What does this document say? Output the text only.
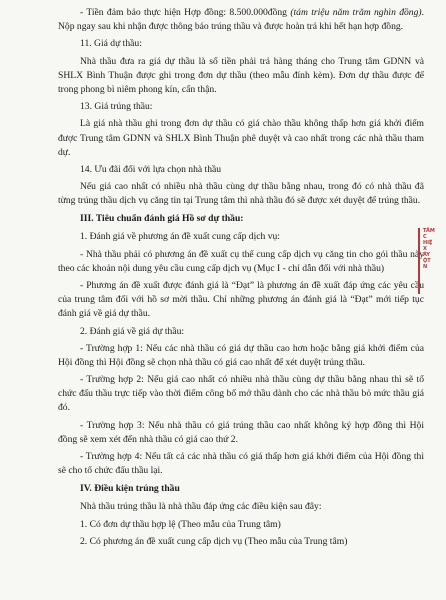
- Tiền đảm bảo thực hiện Hợp đồng: 8.500.000đồng (tám triệu năm trăm nghìn đồng). Nộp ngay sau khi nhận được thông báo trúng thầu và được hoàn trả khi hết hạn hợp đồng.

11. Giá dự thầu:

Nhà thầu đưa ra giá dự thầu là số tiền phải trả hàng tháng cho Trung tâm GDNN và SHLX Bình Thuận được ghi trong đơn dự thầu (theo mẫu đính kèm). Đơn dự thầu được để trong phong bì niêm phong kín, cẩn thận.

13. Giá trúng thầu:

Là giá nhà thầu ghi trong đơn dự thầu có giá chào thầu không thấp hơn giá khởi điểm được Trung tâm GDNN và SHLX Bình Thuận phê duyệt và cao nhất trong các nhà thầu tham dự.

14. Ưu đãi đối với lựa chọn nhà thầu

Nếu giá cao nhất có nhiều nhà thầu cùng dự thầu bằng nhau, trong đó có nhà thầu đã từng trúng thầu dịch vụ căng tin tại Trung tâm thì nhà thầu đó sẽ được xét duyệt để trúng thầu.

III. Tiêu chuẩn đánh giá Hồ sơ dự thầu:

1. Đánh giá về phương án đề xuất cung cấp dịch vụ:

- Nhà thầu phải có phương án đề xuất cụ thể cung cấp dịch vụ căng tin cho gói thầu này theo các khoản nội dung yêu cầu cung cấp dịch vụ (Mục I - chỉ dẫn đối với nhà thầu)

- Phương án đề xuất được đánh giá là “Đạt” là phương án đề xuất đáp ứng các yêu cầu của trung tâm đối với hồ sơ mời thầu. Chỉ những phương án đánh giá là “Đạt” mới tiếp tục đánh giá về giá dự thầu.

2. Đánh giá về giá dự thầu:

- Trường hợp 1: Nếu các nhà thầu có giá dự thầu cao hơn hoặc bằng giá khởi điểm của Hội đồng thì Hội đồng sẽ chọn nhà thầu có giá cao nhất để xét duyệt trúng thầu.

- Trường hợp 2: Nếu giá cao nhất có nhiều nhà thầu cùng dự thầu bằng nhau thì sẽ tổ chức đấu thầu trực tiếp vào thời điểm công bố mở thầu dành cho các nhà thầu bỏ mức thầu giá đó.

- Trường hợp 3: Nếu nhà thầu có giá trúng thầu cao nhất không ký hợp đồng thì Hội đồng sẽ xem xét đến nhà thầu có giá cao thứ 2.

- Trường hợp 4: Nếu tất cả các nhà thầu có giá thấp hơn giá khởi điểm của Hội đồng thì sẽ cho tổ chức đấu thầu lại.

IV. Điều kiện trúng thầu

Nhà thầu trúng thầu là nhà thầu đáp ứng các điều kiện sau đây:

1. Có đơn dự thầu hợp lệ (Theo mẫu của Trung tâm)

2. Có phương án đề xuất cung cấp dịch vụ (Theo mẫu của Trung tâm)

TÂM
C
HIỆ
X
ÁY
ỘT
N
